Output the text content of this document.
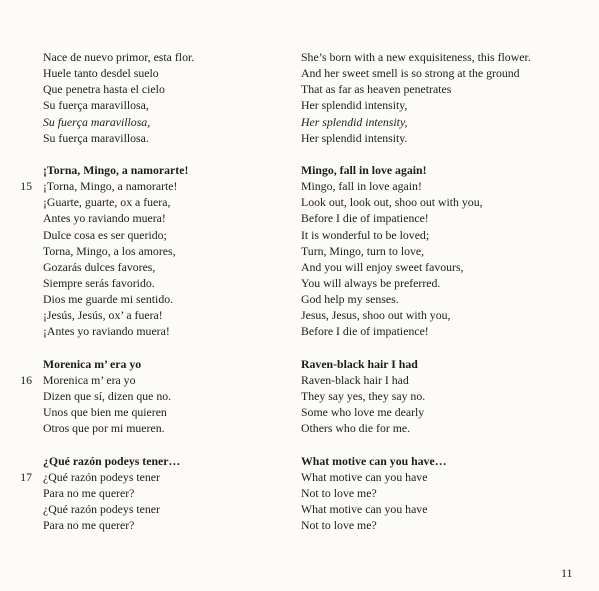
Nace de nuevo primor, esta flor.
Huele tanto desdel suelo
Que penetra hasta el cielo
Su fuerça maravillosa,
Su fuerça maravillosa,
Su fuerça maravillosa.
¡Torna, Mingo, a namorarte!
15 ¡Torna, Mingo, a namorarte!
¡Guarte, guarte, ox a fuera,
Antes yo raviando muera!
Dulce cosa es ser querido;
Torna, Mingo, a los amores,
Gozarás dulces favores,
Siempre serás favorido.
Dios me guarde mi sentido.
¡Jesús, Jesús, ox’ a fuera!
¡Antes yo raviando muera!
Morenica m’ era yo
16 Morenica m’ era yo
Dizen que sí, dizen que no.
Unos que bien me quieren
Otros que por mi mueren.
¿Qué razón podeys tener…
17 ¿Qué razón podeys tener
Para no me querer?
¿Qué razón podeys tener
Para no me querer?
She’s born with a new exquisiteness, this flower.
And her sweet smell is so strong at the ground
That as far as heaven penetrates
Her splendid intensity,
Her splendid intensity,
Her splendid intensity.
Mingo, fall in love again!
Mingo, fall in love again!
Look out, look out, shoo out with you,
Before I die of impatience!
It is wonderful to be loved;
Turn, Mingo, turn to love,
And you will enjoy sweet favours,
You will always be preferred.
God help my senses.
Jesus, Jesus, shoo out with you,
Before I die of impatience!
Raven-black hair I had
Raven-black hair I had
They say yes, they say no.
Some who love me dearly
Others who die for me.
What motive can you have…
What motive can you have
Not to love me?
What motive can you have
Not to love me?
11
